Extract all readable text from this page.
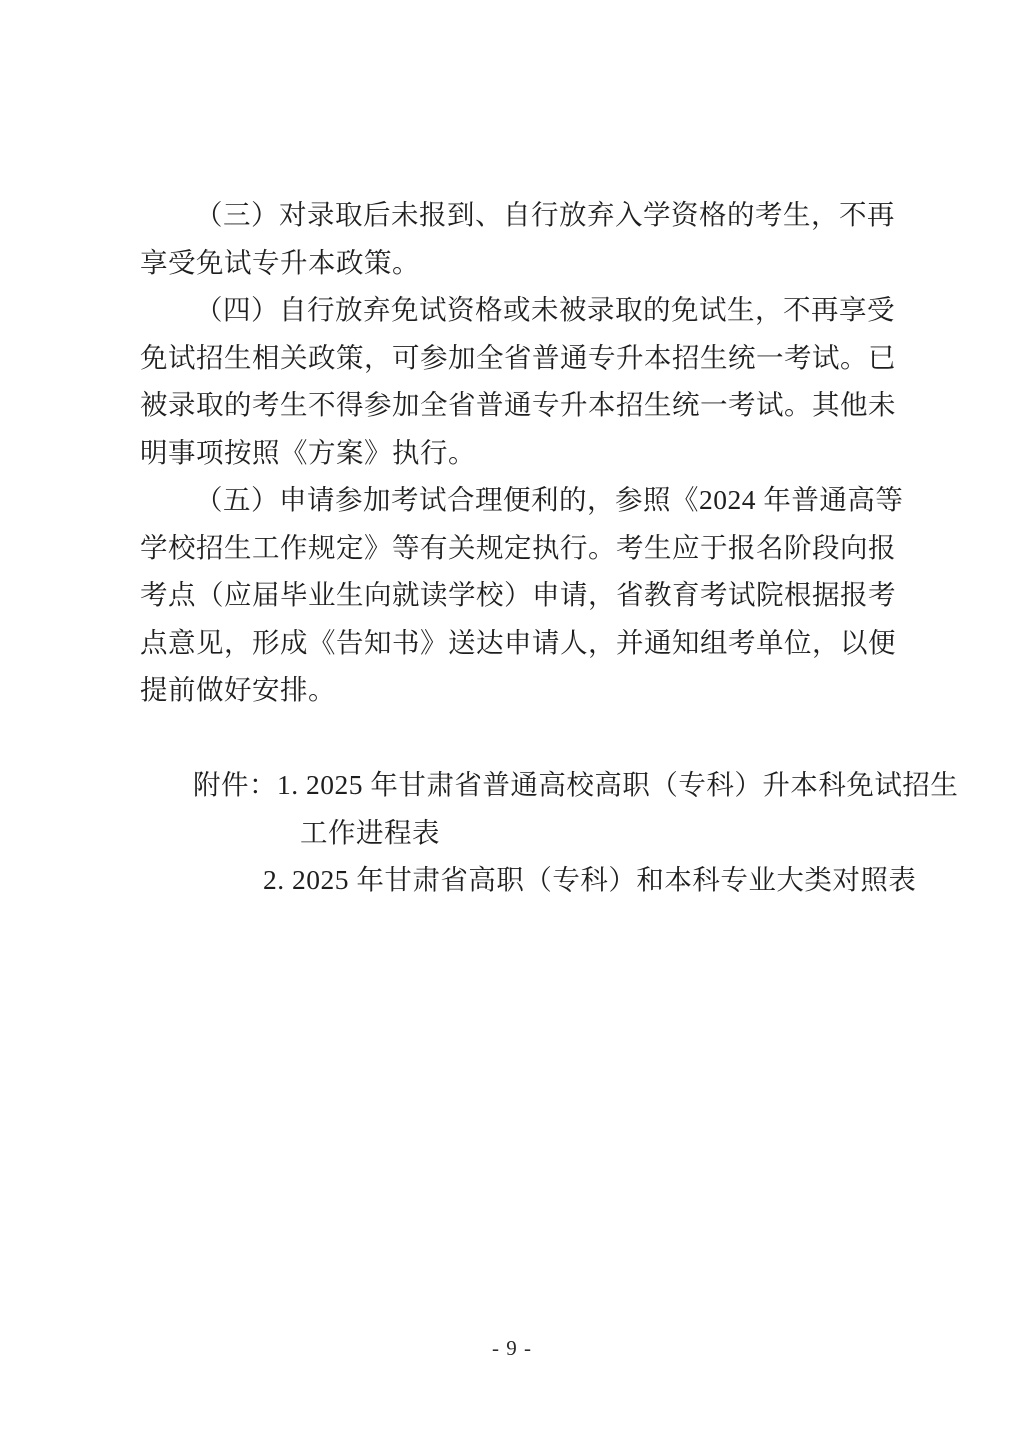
（三）对录取后未报到、自行放弃入学资格的考生，不再
享受免试专升本政策。
（四）自行放弃免试资格或未被录取的免试生，不再享受
免试招生相关政策，可参加全省普通专升本招生统一考试。已
被录取的考生不得参加全省普通专升本招生统一考试。其他未
明事项按照《方案》执行。
（五）申请参加考试合理便利的，参照《2024 年普通高等
学校招生工作规定》等有关规定执行。考生应于报名阶段向报
考点（应届毕业生向就读学校）申请，省教育考试院根据报考
点意见，形成《告知书》送达申请人，并通知组考单位，以便
提前做好安排。
附件：1. 2025 年甘肃省普通高校高职（专科）升本科免试招生
工作进程表
2. 2025 年甘肃省高职（专科）和本科专业大类对照表
- 9 -
